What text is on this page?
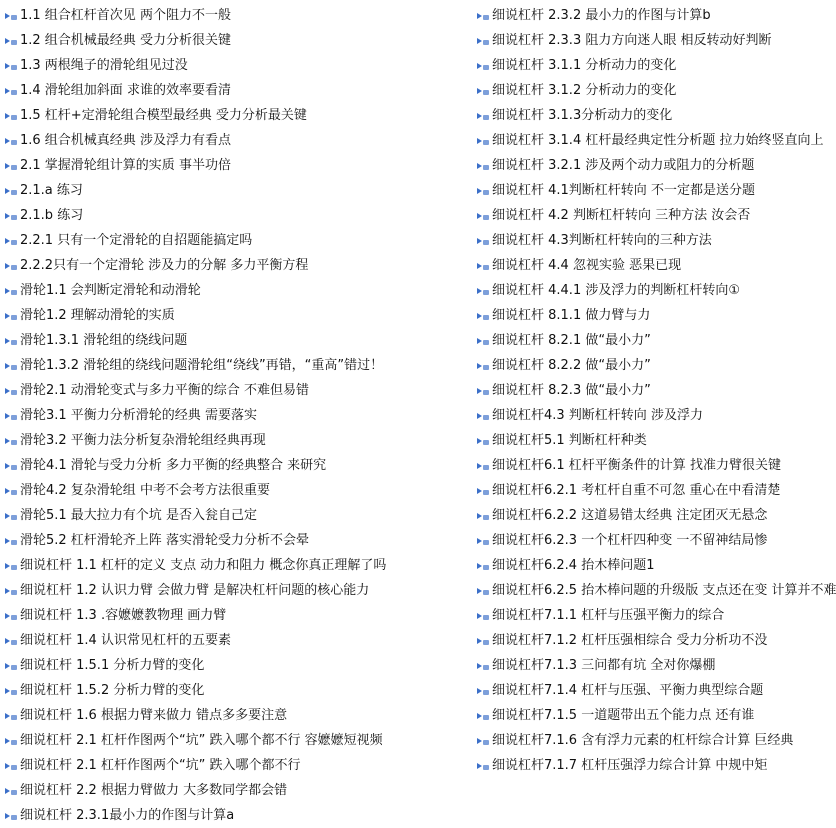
1.1 组合杠杆首次见 两个阻力不一般
1.2 组合机械最经典 受力分析很关键
1.3 两根绳子的滑轮组见过没
1.4 滑轮组加斜面 求谁的效率要看清
1.5 杠杆+定滑轮组合模型最经典 受力分析最关键
1.6 组合机械真经典 涉及浮力有看点
2.1 掌握滑轮组计算的实质 事半功倍
2.1.a 练习
2.1.b 练习
2.2.1 只有一个定滑轮的自招题能搞定吗
2.2.2只有一个定滑轮 涉及力的分解 多力平衡方程
滑轮1.1 会判断定滑轮和动滑轮
滑轮1.2 理解动滑轮的实质
滑轮1.3.1 滑轮组的绕线问题
滑轮1.3.2 滑轮组的绕线问题滑轮组“绕线”再错，“重高”错过！
滑轮2.1 动滑轮变式与多力平衡的综合 不难但易错
滑轮3.1 平衡力分析滑轮的经典 需要落实
滑轮3.2 平衡力法分析复杂滑轮组经典再现
滑轮4.1 滑轮与受力分析 多力平衡的经典整合 来研究
滑轮4.2 复杂滑轮组 中考不会考方法很重要
滑轮5.1 最大拉力有个坑 是否入瓮自己定
滑轮5.2 杠杆滑轮齐上阵 落实滑轮受力分析不会晕
细说杠杆 1.1 杠杆的定义 支点 动力和阻力 概念你真正理解了吗
细说杠杆 1.2 认识力臂 会做力臂 是解决杠杆问题的核心能力
细说杠杆 1.3 .容嬷嬷教物理 画力臂
细说杠杆 1.4 认识常见杠杆的五要素
细说杠杆 1.5.1 分析力臂的变化
细说杠杆 1.5.2 分析力臂的变化
细说杠杆 1.6 根据力臂来做力 错点多多要注意
细说杠杆 2.1 杠杆作图两个“坑” 跌入哪个都不行 容嬷嬷短视频
细说杠杆 2.1 杠杆作图两个“坑” 跌入哪个都不行
细说杠杆 2.2 根据力臂做力 大多数同学都会错
细说杠杆 2.3.1最小力的作图与计算a
细说杠杆 2.3.2 最小力的作图与计算b
细说杠杆 2.3.3 阻力方向迷人眼 相反转动好判断
细说杠杆 3.1.1 分析动力的变化
细说杠杆 3.1.2 分析动力的变化
细说杠杆 3.1.3分析动力的变化
细说杠杆 3.1.4 杠杆最经典定性分析题 拉力始终竖直向上
细说杠杆 3.2.1 涉及两个动力或阻力的分析题
细说杠杆 4.1判断杠杆转向 不一定都是送分题
细说杠杆 4.2 判断杠杆转向 三种方法 汝会否
细说杠杆 4.3判断杠杆转向的三种方法
细说杠杆 4.4 忽视实验 恶果已现
细说杠杆 4.4.1 涉及浮力的判断杠杆转向①
细说杠杆 8.1.1 做力臂与力
细说杠杆 8.2.1 做“最小力”
细说杠杆 8.2.2 做“最小力”
细说杠杆 8.2.3 做“最小力”
细说杠杆4.3 判断杠杆转向 涉及浮力
细说杠杆5.1 判断杠杆种类
细说杠杆6.1 杠杆平衡条件的计算 找准力臂很关键
细说杠杆6.2.1 考杠杆自重不可忽 重心在中看清楚
细说杠杆6.2.2 这道易错太经典 注定团灭无悬念
细说杠杆6.2.3 一个杠杆四种变 一不留神结局惨
细说杠杆6.2.4 抬木棒问题1
细说杠杆6.2.5 抬木棒问题的升级版 支点还在变 计算并不难
细说杠杆7.1.1 杠杆与压强平衡力的综合
细说杠杆7.1.2 杠杆压强相综合 受力分析功不没
细说杠杆7.1.3 三问都有坑 全对你爆棚
细说杠杆7.1.4 杠杆与压强、平衡力典型综合题
细说杠杆7.1.5 一道题带出五个能力点 还有谁
细说杠杆7.1.6 含有浮力元素的杠杆综合计算 巨经典
细说杠杆7.1.7 杠杆压强浮力综合计算 中规中矩
